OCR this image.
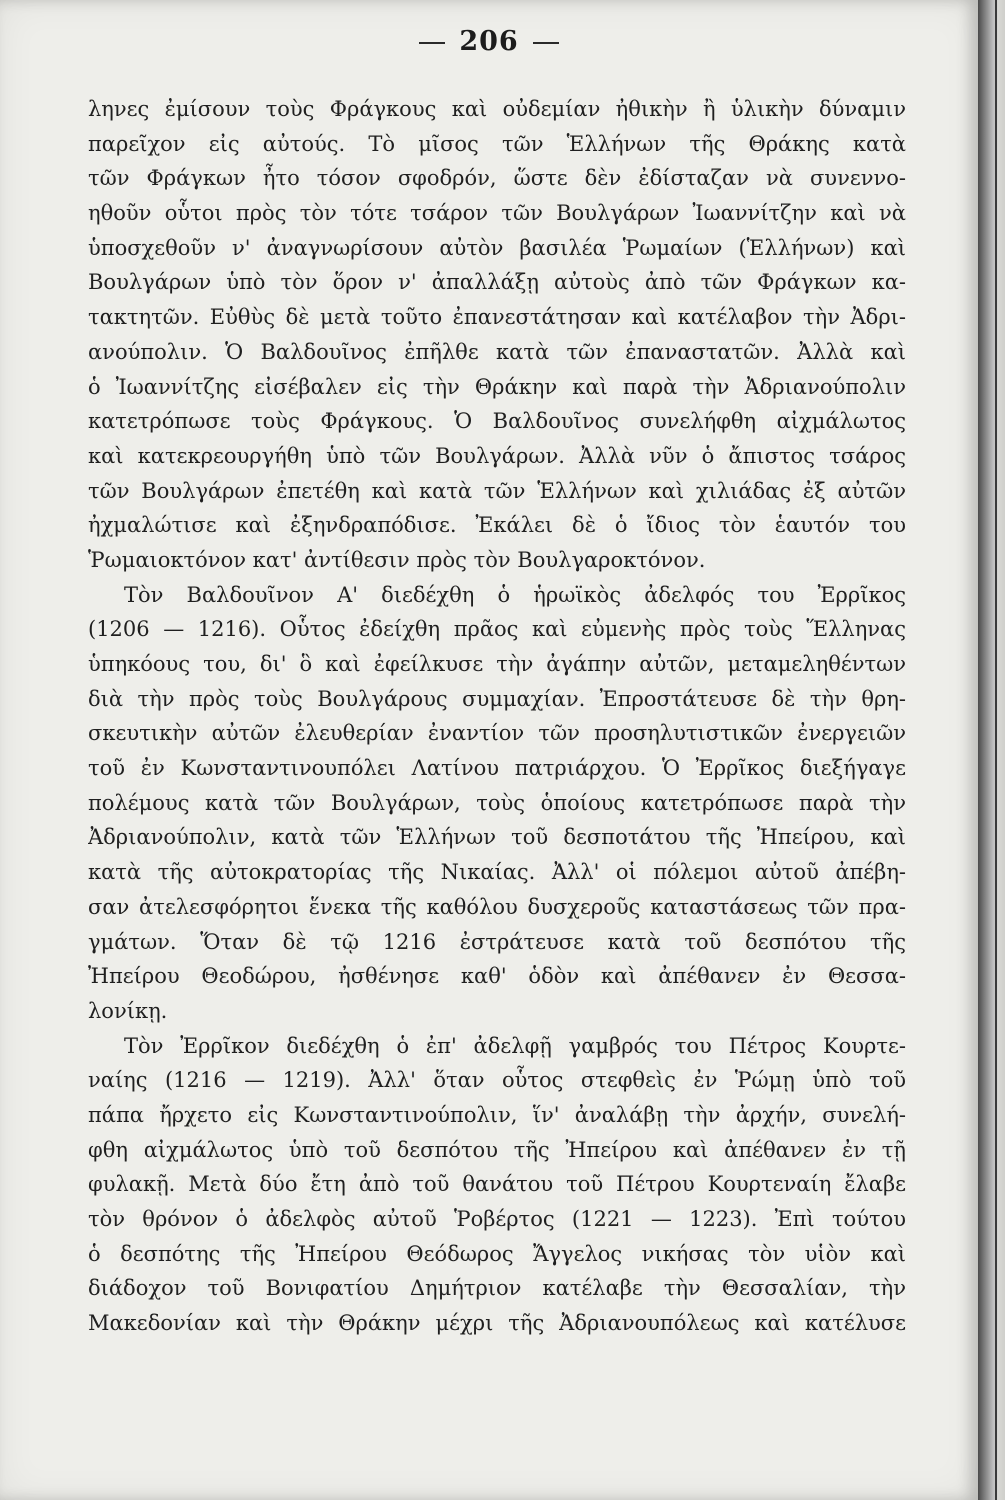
206
ληνες ἐμίσουν τοὺς Φράγκους καὶ οὐδεμίαν ἠθικὴν ἢ ὑλικὴν δύναμιν
παρεῖχον εἰς αὐτούς. Τὸ μῖσος τῶν Ἑλλήνων τῆς Θράκης κατὰ
τῶν Φράγκων ἦτο τόσον σφοδρόν, ὥστε δὲν ἐδίσταζαν νὰ συνεννο-
ηθοῦν οὗτοι πρὸς τὸν τότε τσάρον τῶν Βουλγάρων Ἰωαννίτζην καὶ νὰ
ὑποσχεθοῦν ν' ἀναγνωρίσουν αὐτὸν βασιλέα Ῥωμαίων (Ἑλλήνων) καὶ
Βουλγάρων ὑπὸ τὸν ὅρον ν' ἀπαλλάξῃ αὐτοὺς ἀπὸ τῶν Φράγκων κα-
τακτητῶν. Εὐθὺς δὲ μετὰ τοῦτο ἐπανεστάτησαν καὶ κατέλαβον τὴν Ἀδρι-
ανούπολιν. Ὁ Βαλδουῖνος ἐπῆλθε κατὰ τῶν ἐπαναστατῶν. Ἀλλὰ καὶ
ὁ Ἰωαννίτζης εἰσέβαλεν εἰς τὴν Θράκην καὶ παρὰ τὴν Ἀδριανούπολιν
κατετρόπωσε τοὺς Φράγκους. Ὁ Βαλδουῖνος συνελήφθη αἰχμάλωτος
καὶ κατεκρεουργήθη ὑπὸ τῶν Βουλγάρων. Ἀλλὰ νῦν ὁ ἄπιστος τσάρος
τῶν Βουλγάρων ἐπετέθη καὶ κατὰ τῶν Ἑλλήνων καὶ χιλιάδας ἐξ αὐτῶν
ἠχμαλώτισε καὶ ἐξηνδραπόδισε. Ἐκάλει δὲ ὁ ἴδιος τὸν ἑαυτόν του
Ῥωμαιοκτόνον κατ' ἀντίθεσιν πρὸς τὸν Βουλγαροκτόνον.
Τὸν Βαλδουῖνον Α' διεδέχθη ὁ ἡρωϊκὸς ἀδελφός του Ἐρρῖκος
(1206 — 1216). Οὗτος ἐδείχθη πρᾶος καὶ εὐμενὴς πρὸς τοὺς Ἕλληνας
ὑπηκόους του, δι' ὃ καὶ ἐφείλκυσε τὴν ἀγάπην αὐτῶν, μεταμεληθέντων
διὰ τὴν πρὸς τοὺς Βουλγάρους συμμαχίαν. Ἐπροστάτευσε δὲ τὴν θρη-
σκευτικὴν αὐτῶν ἐλευθερίαν ἐναντίον τῶν προσηλυτιστικῶν ἐνεργειῶν
τοῦ ἐν Κωνσταντινουπόλει Λατίνου πατριάρχου. Ὁ Ἐρρῖκος διεξήγαγε
πολέμους κατὰ τῶν Βουλγάρων, τοὺς ὁποίους κατετρόπωσε παρὰ τὴν
Ἀδριανούπολιν, κατὰ τῶν Ἑλλήνων τοῦ δεσποτάτου τῆς Ἠπείρου, καὶ
κατὰ τῆς αὐτοκρατορίας τῆς Νικαίας. Ἀλλ' οἱ πόλεμοι αὐτοῦ ἀπέβη-
σαν ἀτελεσφόρητοι ἕνεκα τῆς καθόλου δυσχεροῦς καταστάσεως τῶν πρα-
γμάτων. Ὅταν δὲ τῷ 1216 ἐστράτευσε κατὰ τοῦ δεσπότου τῆς
Ἠπείρου Θεοδώρου, ἠσθένησε καθ' ὁδὸν καὶ ἀπέθανεν ἐν Θεσσα-
λονίκῃ.
Τὸν Ἐρρῖκον διεδέχθη ὁ ἐπ' ἀδελφῇ γαμβρός του Πέτρος Κουρτε-
ναίης (1216 — 1219). Ἀλλ' ὅταν οὗτος στεφθεὶς ἐν Ῥώμῃ ὑπὸ τοῦ
πάπα ἤρχετο εἰς Κωνσταντινούπολιν, ἵν' ἀναλάβῃ τὴν ἀρχήν, συνελή-
φθη αἰχμάλωτος ὑπὸ τοῦ δεσπότου τῆς Ἠπείρου καὶ ἀπέθανεν ἐν τῇ
φυλακῇ. Μετὰ δύο ἔτη ἀπὸ τοῦ θανάτου τοῦ Πέτρου Κουρτεναίη ἔλαβε
τὸν θρόνον ὁ ἀδελφὸς αὐτοῦ Ῥοβέρτος (1221 — 1223). Ἐπὶ τούτου
ὁ δεσπότης τῆς Ἠπείρου Θεόδωρος Ἄγγελος νικήσας τὸν υἱὸν καὶ
διάδοχον τοῦ Βονιφατίου Δημήτριον κατέλαβε τὴν Θεσσαλίαν, τὴν
Μακεδονίαν καὶ τὴν Θράκην μέχρι τῆς Ἀδριανουπόλεως καὶ κατέλυσε
